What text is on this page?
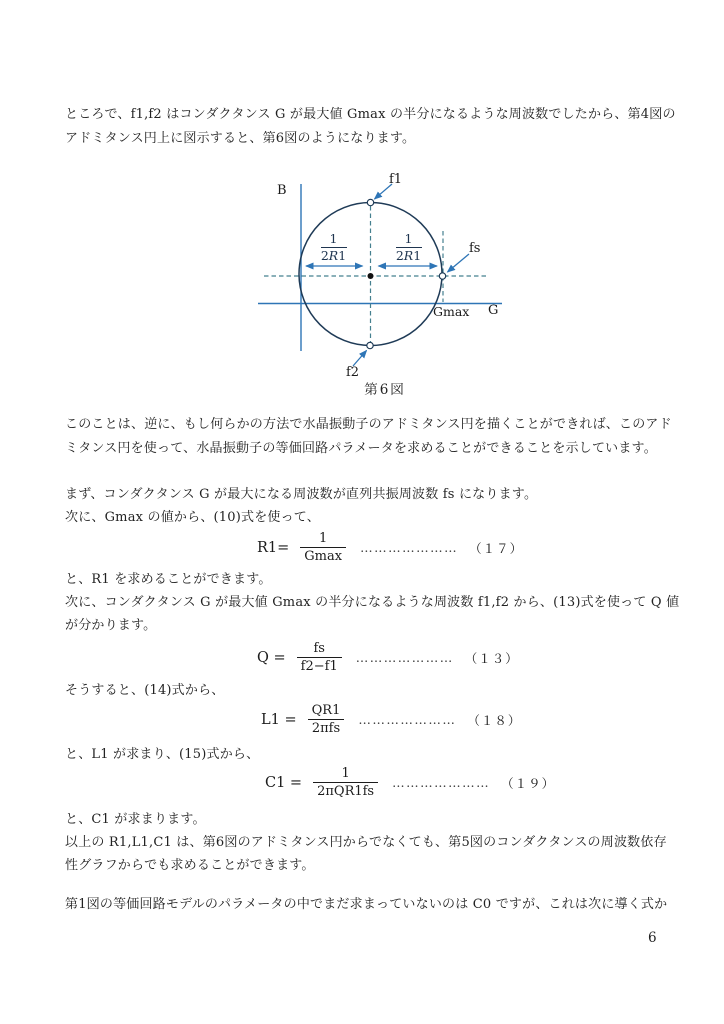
ところで、f1,f2 はコンダクタンス G が最大値 Gmax の半分になるような周波数でしたから、第4図の
アドミタンス円上に図示すると、第6図のようになります。
B
G
Gmax
f1
fs
f2
1
2R1
1
2R1
第6図
このことは、逆に、もし何らかの方法で水晶振動子のアドミタンス円を描くことができれば、このアド
ミタンス円を使って、水晶振動子の等価回路パラメータを求めることができることを示しています。
まず、コンダクタンス G が最大になる周波数が直列共振周波数 fs になります。
次に、Gmax の値から、(10)式を使って、
$R1= \frac{1}{Gmax}$ ………………… （１７）
と、R1 を求めることができます。
次に、コンダクタンス G が最大値 Gmax の半分になるような周波数 f1,f2 から、(13)式を使って Q 値
が分かります。
$Q = \frac{fs}{f2-f1}$ ………………… （１３）
そうすると、(14)式から、
$L1 = \frac{QR1}{\text{2πfs}}$ ………………… （１８）
と、L1 が求まり、(15)式から、
$C1 = \frac{1}{\text{2πQR1fs}}$ ………………… （１９）
と、C1 が求まります。
以上の R1,L1,C1 は、第6図のアドミタンス円からでなくても、第5図のコンダクタンスの周波数依存
性グラフからでも求めることができます。
第1図の等価回路モデルのパラメータの中でまだ求まっていないのは C0 ですが、これは次に導く式か
6
